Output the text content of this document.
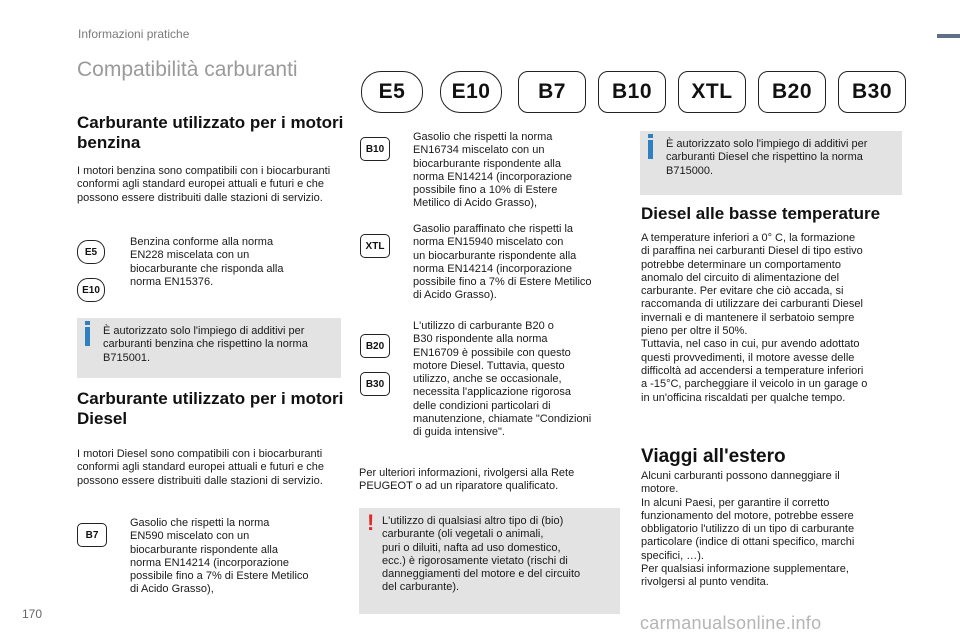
Informazioni pratiche
Compatibilità carburanti
E5	E10	B7	B10	XTL	B20	B30
Carburante utilizzato per i motori benzina
I motori benzina sono compatibili con i biocarburanti conformi agli standard europei attuali e futuri e che possono essere distribuiti dalle stazioni di servizio.
E5
E10
Benzina conforme alla norma
EN228 miscelata con un
biocarburante che risponda alla
norma EN15376.
È autorizzato solo l'impiego di additivi per carburanti benzina che rispettino la norma B715001.
Carburante utilizzato per i motori Diesel
I motori Diesel sono compatibili con i biocarburanti conformi agli standard europei attuali e futuri e che possono essere distribuiti dalle stazioni di servizio.
B7
Gasolio che rispetti la norma
EN590 miscelato con un
biocarburante rispondente alla
norma EN14214 (incorporazione
possibile fino a 7% di Estere Metilico
di Acido Grasso),
B10
Gasolio che rispetti la norma
EN16734 miscelato con un
biocarburante rispondente alla
norma EN14214 (incorporazione
possibile fino a 10% di Estere
Metilico di Acido Grasso),
XTL
Gasolio paraffinato che rispetti la
norma EN15940 miscelato con
un biocarburante rispondente alla
norma EN14214 (incorporazione
possibile fino a 7% di Estere Metilico
di Acido Grasso).
B20
B30
L'utilizzo di carburante B20 o
B30 rispondente alla norma
EN16709 è possibile con questo
motore Diesel. Tuttavia, questo
utilizzo, anche se occasionale,
necessita l'applicazione rigorosa
delle condizioni particolari di
manutenzione, chiamate "Condizioni
di guida intensive".
Per ulteriori informazioni, rivolgersi alla Rete
PEUGEOT o ad un riparatore qualificato.
! L'utilizzo di qualsiasi altro tipo di (bio)
carburante (oli vegetali o animali,
puri o diluiti, nafta ad uso domestico,
ecc.) è rigorosamente vietato (rischi di
danneggiamenti del motore e del circuito
del carburante).
È autorizzato solo l'impiego di additivi per
carburanti Diesel che rispettino la norma
B715000.
Diesel alle basse temperature
A temperature inferiori a 0° C, la formazione
di paraffina nei carburanti Diesel di tipo estivo
potrebbe determinare un comportamento
anomalo del circuito di alimentazione del
carburante. Per evitare che ciò accada, si
raccomanda di utilizzare dei carburanti Diesel
invernali e di mantenere il serbatoio sempre
pieno per oltre il 50%.
Tuttavia, nel caso in cui, pur avendo adottato
questi provvedimenti, il motore avesse delle
difficoltà ad accendersi a temperature inferiori
a -15°C, parcheggiare il veicolo in un garage o
in un'officina riscaldati per qualche tempo.
Viaggi all'estero
Alcuni carburanti possono danneggiare il
motore.
In alcuni Paesi, per garantire il corretto
funzionamento del motore, potrebbe essere
obbligatorio l'utilizzo di un tipo di carburante
particolare (indice di ottani specifico, marchi
specifici, …).
Per qualsiasi informazione supplementare,
rivolgersi al punto vendita.
170	carmanualsonline.info
